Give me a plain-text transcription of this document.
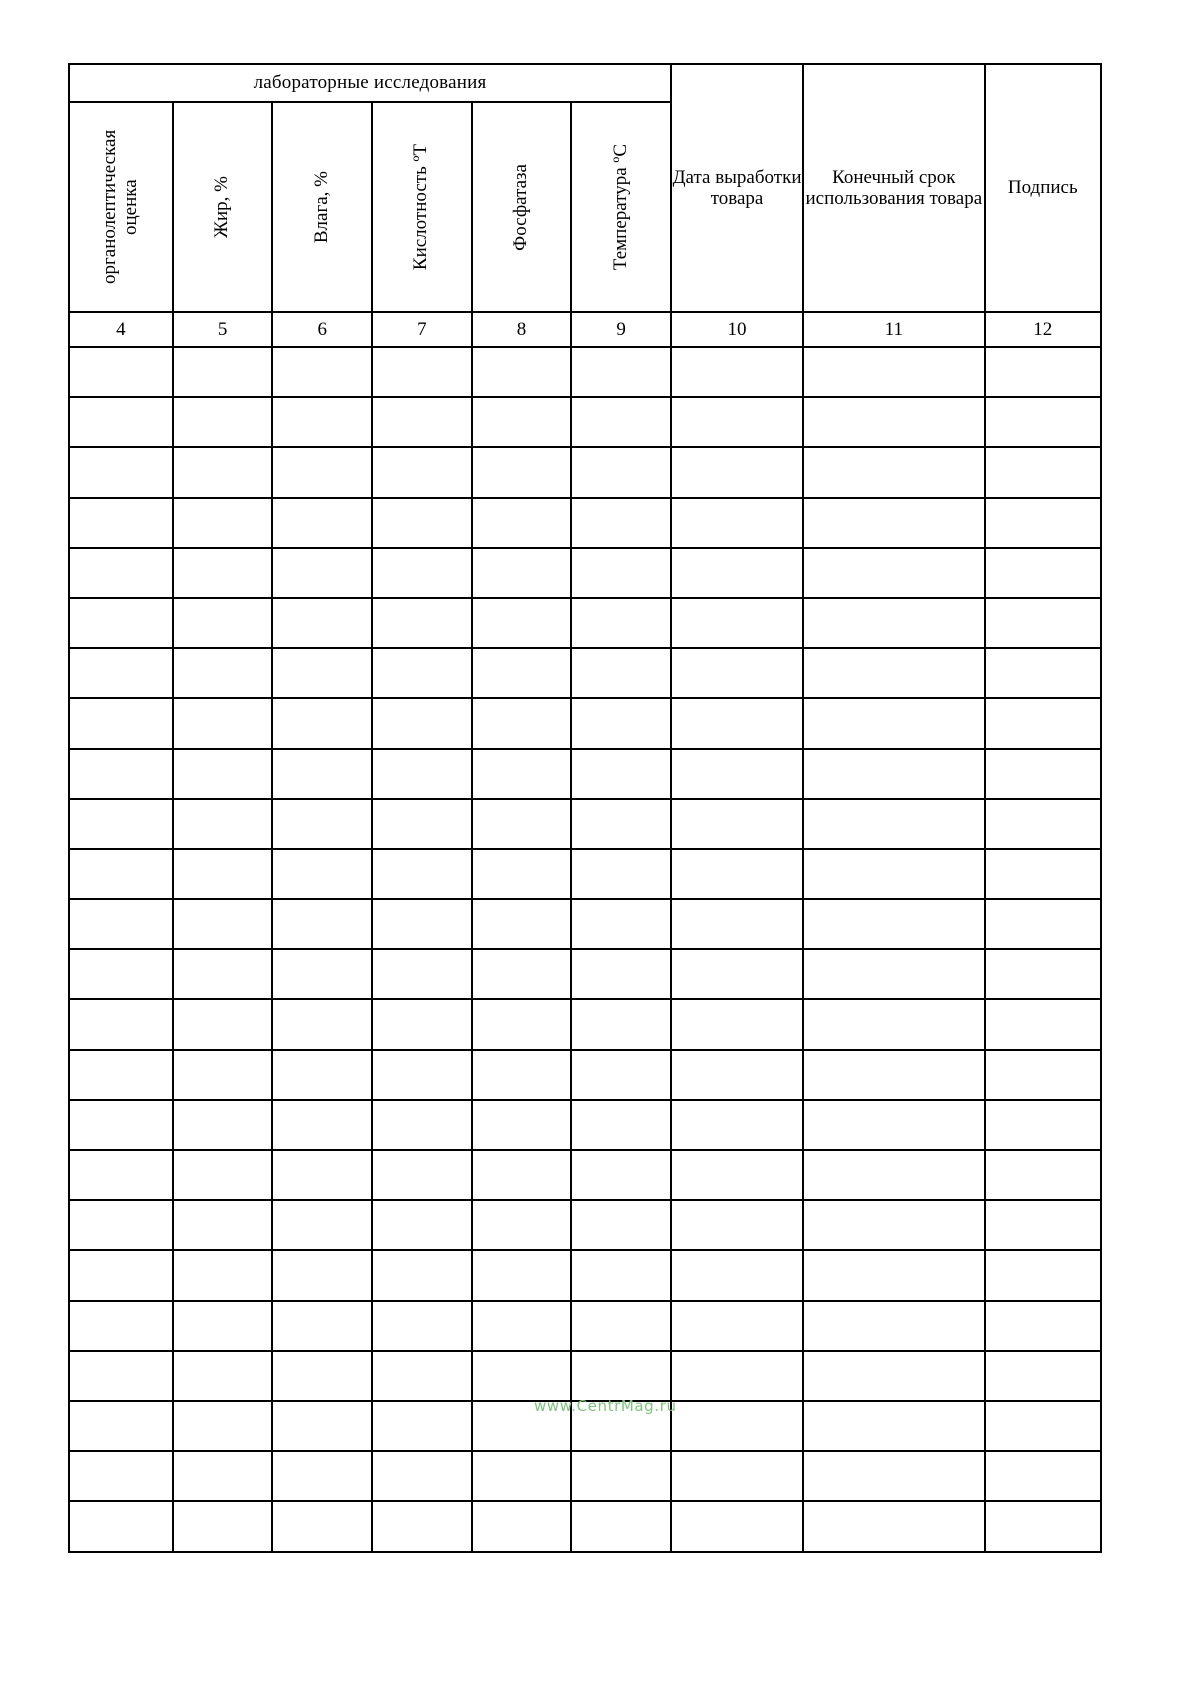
лабораторные исследования						Дата выработки товара	Конечный срок использования товара	Подпись

органолептическая оценка	Жир, %	Влага, %	Кислотность ºТ	Фосфатаза	Температура ºС			

4	5	6	7	8	9	10	11	12

www.CentrMag.ru
